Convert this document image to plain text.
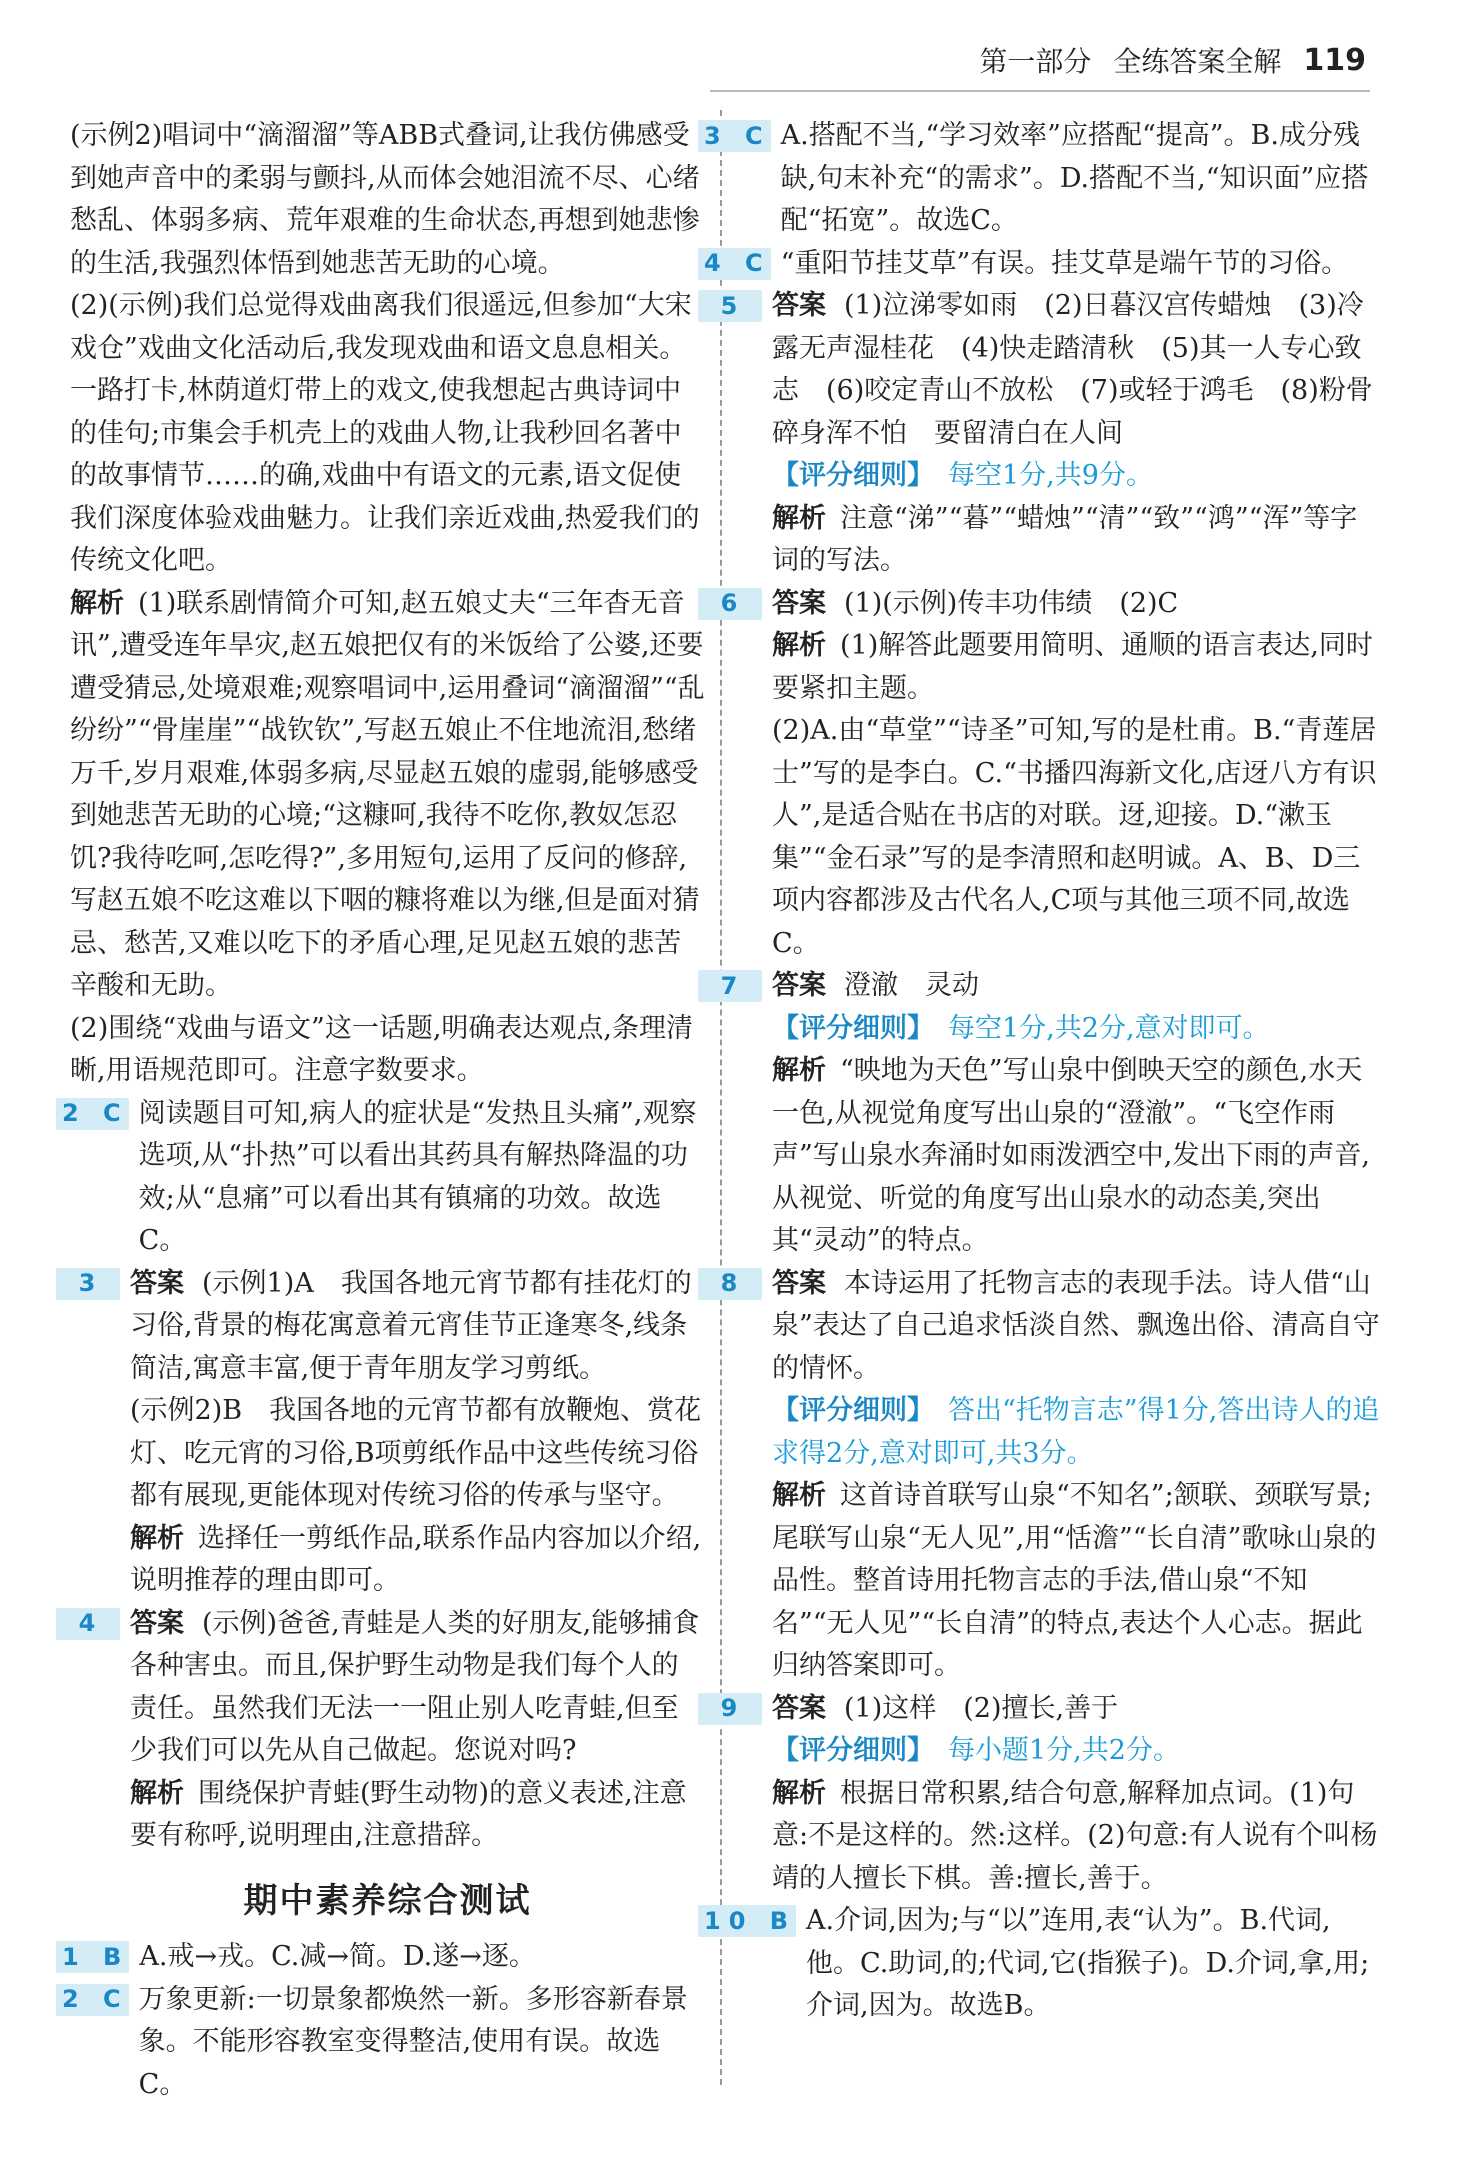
第一部分 全练答案全解 119

(示例2)唱词中“滴溜溜”等ABB式叠词,让我仿佛感受到她声音中的柔弱与颤抖,从而体会她泪流不尽、心绪愁乱、体弱多病、荒年艰难的生命状态,再想到她悲惨的生活,我强烈体悟到她悲苦无助的心境。

(2)(示例)我们总觉得戏曲离我们很遥远,但参加“大宋戏仓”戏曲文化活动后,我发现戏曲和语文息息相关。一路打卡,林荫道灯带上的戏文,使我想起古典诗词中的佳句;市集会手机壳上的戏曲人物,让我秒回名著中的故事情节……的确,戏曲中有语文的元素,语文促使我们深度体验戏曲魅力。让我们亲近戏曲,热爱我们的传统文化吧。

解析 (1)联系剧情简介可知,赵五娘丈夫“三年杳无音讯”,遭受连年旱灾,赵五娘把仅有的米饭给了公婆,还要遭受猜忌,处境艰难;观察唱词中,运用叠词“滴溜溜”“乱纷纷”“骨崖崖”“战钦钦”,写赵五娘止不住地流泪,愁绪万千,岁月艰难,体弱多病,尽显赵五娘的虚弱,能够感受到她悲苦无助的心境;“这糠呵,我待不吃你,教奴怎忍饥?我待吃呵,怎吃得?”,多用短句,运用了反问的修辞,写赵五娘不吃这难以下咽的糠将难以为继,但是面对猜忌、愁苦,又难以吃下的矛盾心理,足见赵五娘的悲苦辛酸和无助。

(2)围绕“戏曲与语文”这一话题,明确表达观点,条理清晰,用语规范即可。注意字数要求。

2 C 阅读题目可知,病人的症状是“发热且头痛”,观察选项,从“扑热”可以看出其药具有解热降温的功效;从“息痛”可以看出其有镇痛的功效。故选C。
3 答案 (示例1)A　我国各地元宵节都有挂花灯的习俗,背景的梅花寓意着元宵佳节正逢寒冬,线条简洁,寓意丰富,便于青年朋友学习剪纸。

(示例2)B　我国各地的元宵节都有放鞭炮、赏花灯、吃元宵的习俗,B项剪纸作品中这些传统习俗都有展现,更能体现对传统习俗的传承与坚守。

解析 选择任一剪纸作品,联系作品内容加以介绍,说明推荐的理由即可。

4 答案 (示例)爸爸,青蛙是人类的好朋友,能够捕食各种害虫。而且,保护野生动物是我们每个人的责任。虽然我们无法一一阻止别人吃青蛙,但至少我们可以先从自己做起。您说对吗?

解析 围绕保护青蛙(野生动物)的意义表述,注意要有称呼,说明理由,注意措辞。

期中素养综合测试
1 B A.戒→戎。C.减→简。D.遂→逐。
2 C 万象更新:一切景象都焕然一新。多形容新春景象。不能形容教室变得整洁,使用有误。故选C。
3 C A.搭配不当,“学习效率”应搭配“提高”。B.成分残缺,句末补充“的需求”。D.搭配不当,“知识面”应搭配“拓宽”。故选C。
4 C “重阳节挂艾草”有误。挂艾草是端午节的习俗。
5 答案 (1)泣涕零如雨　(2)日暮汉宫传蜡烛　(3)冷露无声湿桂花　(4)快走踏清秋　(5)其一人专心致志　(6)咬定青山不放松　(7)或轻于鸿毛　(8)粉骨碎身浑不怕　要留清白在人间

【评分细则】 每空1分,共9分。

解析 注意“涕”“暮”“蜡烛”“清”“致”“鸿”“浑”等字词的写法。

6 答案 (1)(示例)传丰功伟绩　(2)C

解析 (1)解答此题要用简明、通顺的语言表达,同时要紧扣主题。

(2)A.由“草堂”“诗圣”可知,写的是杜甫。B.“青莲居士”写的是李白。C.“书播四海新文化,店迓八方有识人”,是适合贴在书店的对联。迓,迎接。D.“漱玉集”“金石录”写的是李清照和赵明诚。A、B、D三项内容都涉及古代名人,C项与其他三项不同,故选C。

7 答案 澄澈　灵动

【评分细则】 每空1分,共2分,意对即可。

解析 “映地为天色”写山泉中倒映天空的颜色,水天一色,从视觉角度写出山泉的“澄澈”。“飞空作雨声”写山泉水奔涌时如雨泼洒空中,发出下雨的声音,从视觉、听觉的角度写出山泉水的动态美,突出其“灵动”的特点。

8 答案 本诗运用了托物言志的表现手法。诗人借“山泉”表达了自己追求恬淡自然、飘逸出俗、清高自守的情怀。

【评分细则】 答出“托物言志”得1分,答出诗人的追求得2分,意对即可,共3分。

解析 这首诗首联写山泉“不知名”;颔联、颈联写景;尾联写山泉“无人见”,用“恬澹”“长自清”歌咏山泉的品性。整首诗用托物言志的手法,借山泉“不知名”“无人见”“长自清”的特点,表达个人心志。据此归纳答案即可。

9 答案 (1)这样　(2)擅长,善于

【评分细则】 每小题1分,共2分。

解析 根据日常积累,结合句意,解释加点词。(1)句意:不是这样的。然:这样。(2)句意:有人说有个叫杨靖的人擅长下棋。善:擅长,善于。

10 B A.介词,因为;与“以”连用,表“认为”。B.代词,他。C.助词,的;代词,它(指猴子)。D.介词,拿,用;介词,因为。故选B。
